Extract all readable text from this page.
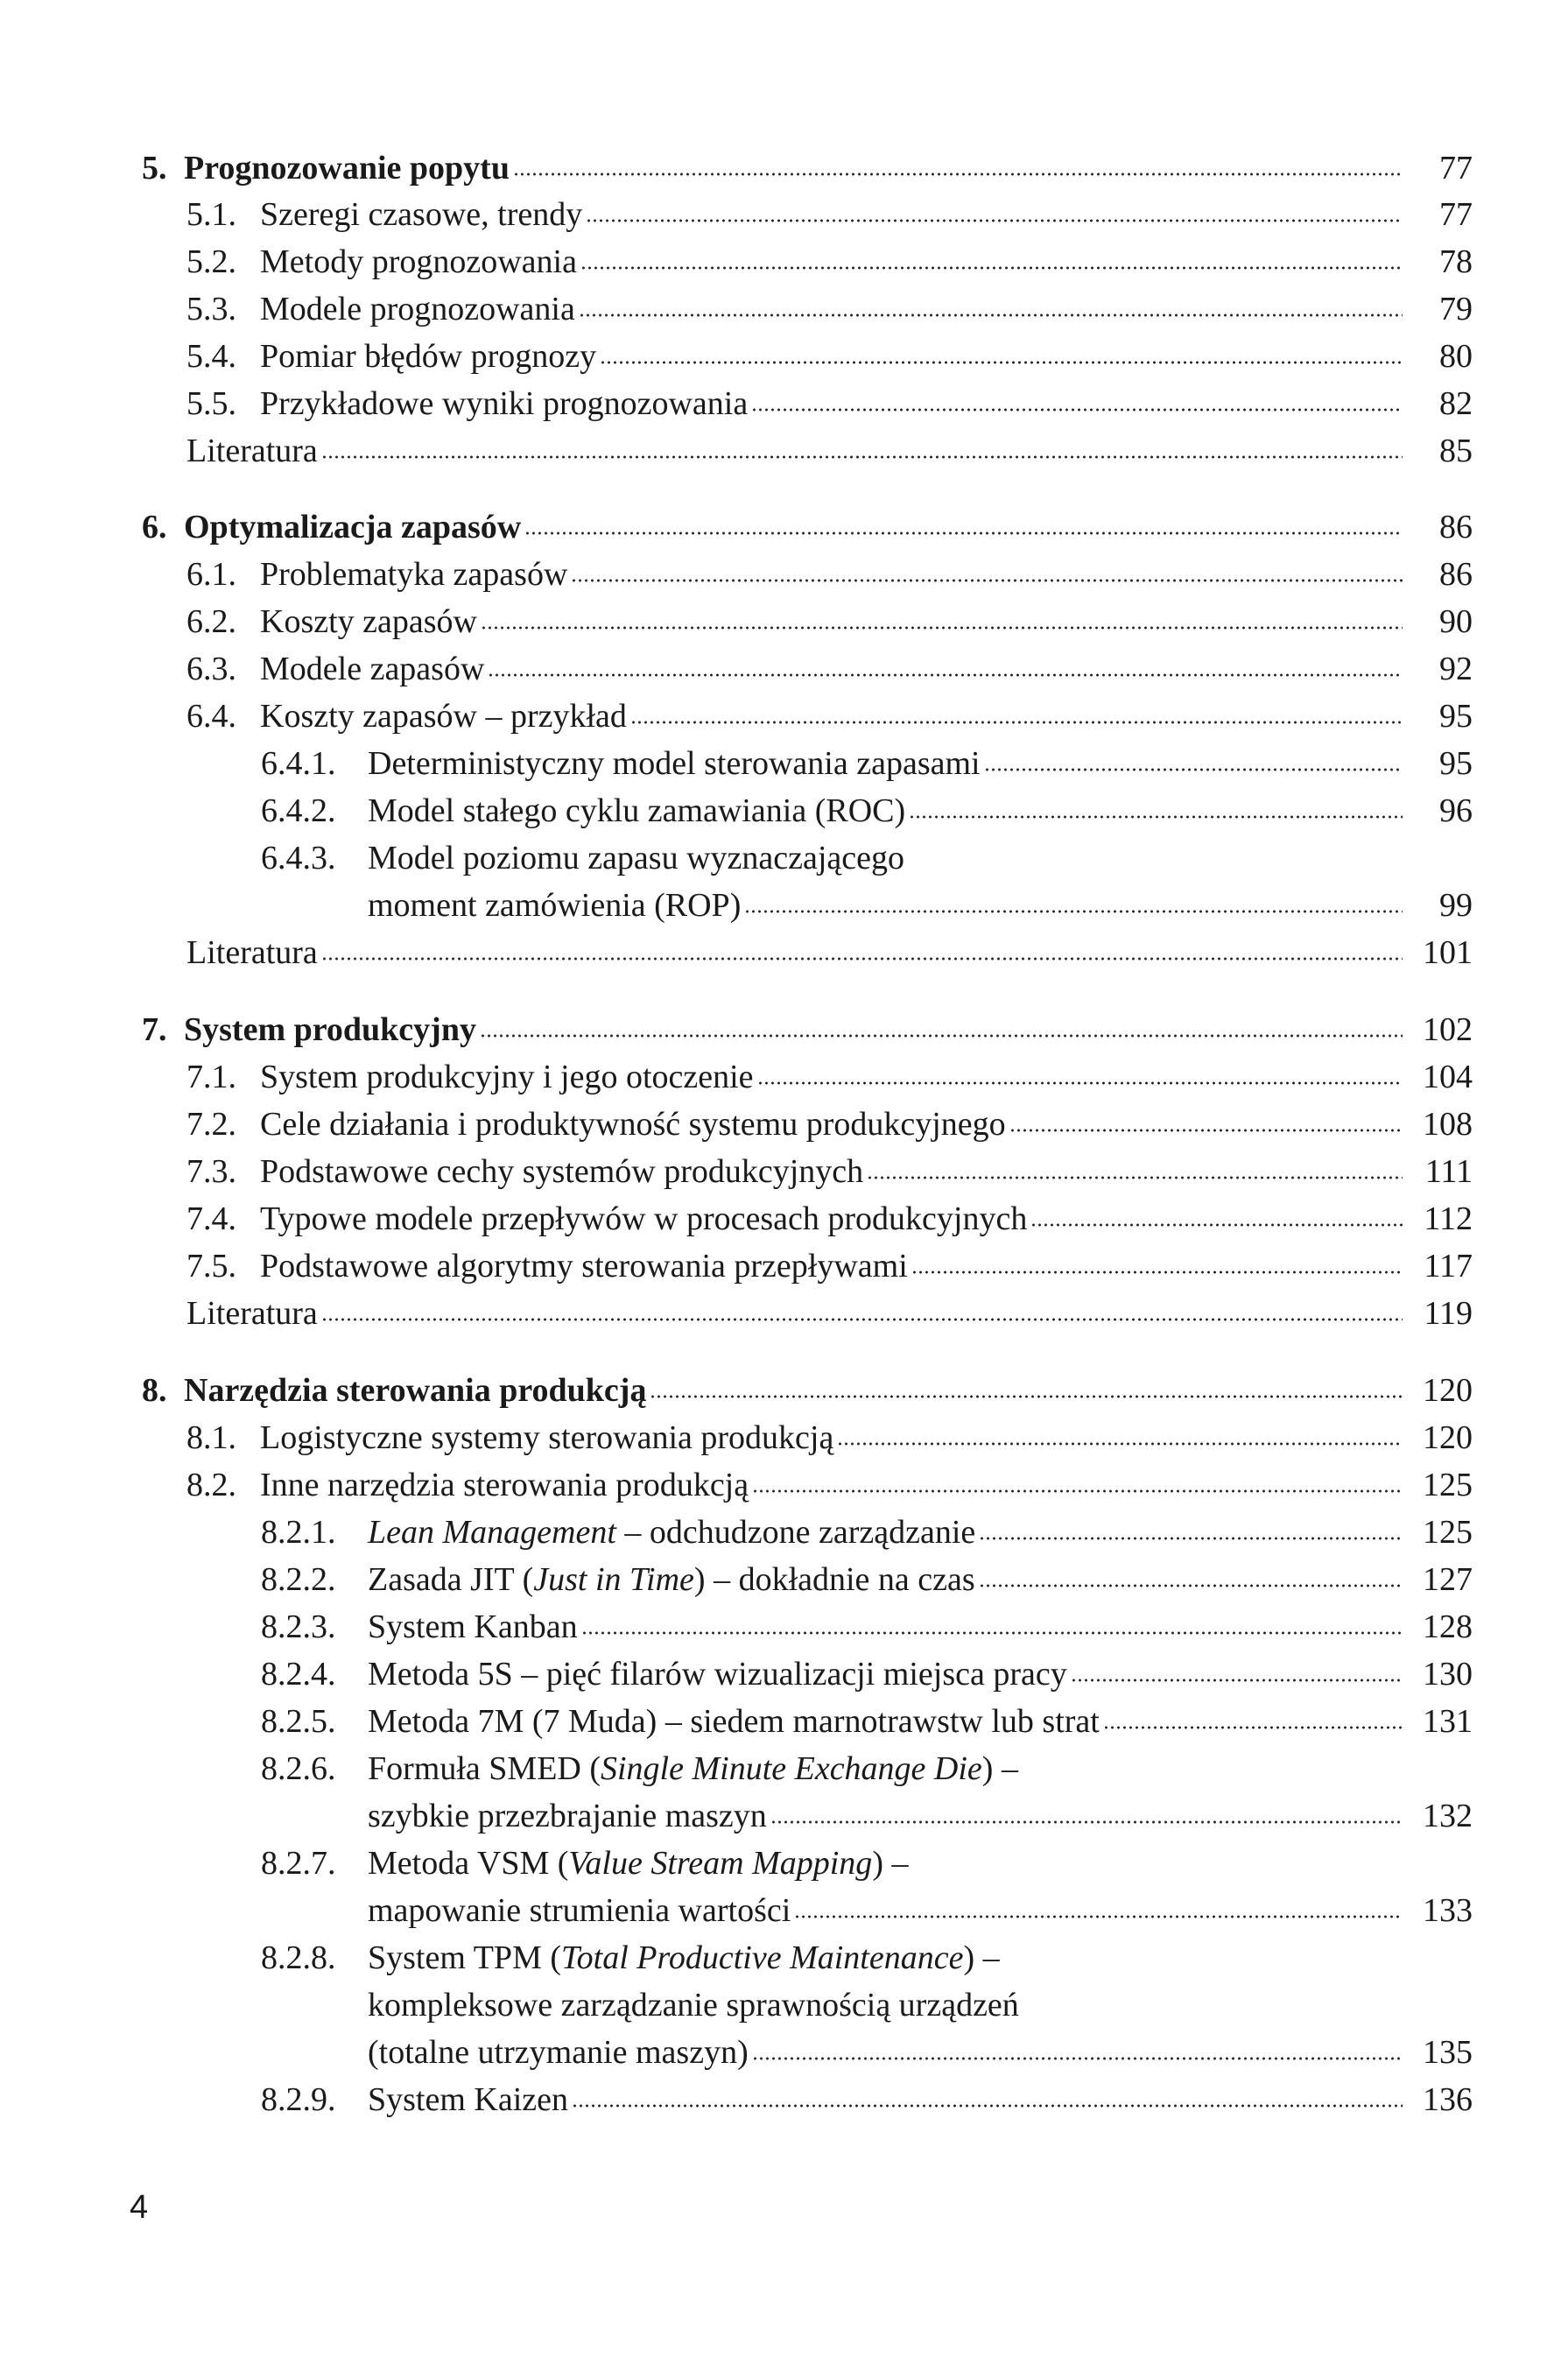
5. Prognozowanie popytu	77
5.1. Szeregi czasowe, trendy	77
5.2. Metody prognozowania	78
5.3. Modele prognozowania	79
5.4. Pomiar błędów prognozy	80
5.5. Przykładowe wyniki prognozowania	82
Literatura	85
6. Optymalizacja zapasów	86
6.1. Problematyka zapasów	86
6.2. Koszty zapasów	90
6.3. Modele zapasów	92
6.4. Koszty zapasów – przykład	95
6.4.1. Deterministyczny model sterowania zapasami	95
6.4.2. Model stałego cyklu zamawiania (ROC)	96
6.4.3. Model poziomu zapasu wyznaczającego
moment zamówienia (ROP)	99
Literatura	101
7. System produkcyjny	102
7.1. System produkcyjny i jego otoczenie	104
7.2. Cele działania i produktywność systemu produkcyjnego	108
7.3. Podstawowe cechy systemów produkcyjnych	111
7.4. Typowe modele przepływów w procesach produkcyjnych	112
7.5. Podstawowe algorytmy sterowania przepływami	117
Literatura	119
8. Narzędzia sterowania produkcją	120
8.1. Logistyczne systemy sterowania produkcją	120
8.2. Inne narzędzia sterowania produkcją	125
8.2.1. Lean Management – odchudzone zarządzanie	125
8.2.2. Zasada JIT (Just in Time) – dokładnie na czas	127
8.2.3. System Kanban	128
8.2.4. Metoda 5S – pięć filarów wizualizacji miejsca pracy	130
8.2.5. Metoda 7M (7 Muda) – siedem marnotrawstw lub strat	131
8.2.6. Formuła SMED (Single Minute Exchange Die) –
szybkie przezbrajanie maszyn	132
8.2.7. Metoda VSM (Value Stream Mapping) –
mapowanie strumienia wartości	133
8.2.8. System TPM (Total Productive Maintenance) –
kompleksowe zarządzanie sprawnością urządzeń
(totalne utrzymanie maszyn)	135
8.2.9. System Kaizen	136
4
